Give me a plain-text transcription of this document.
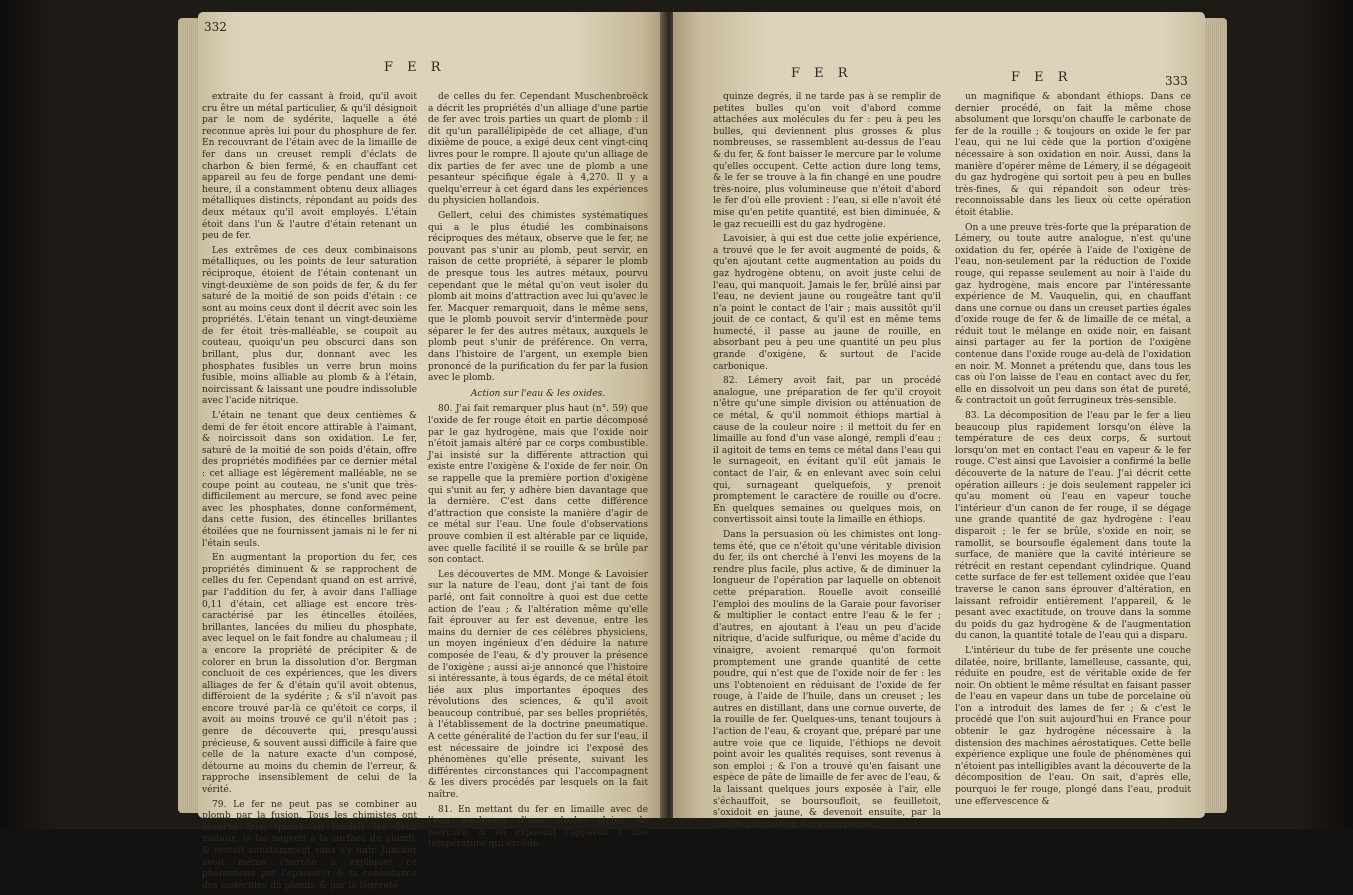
332
F E R

extraite du fer cassant à froid, qu'il avoit cru être un métal particulier, & qu'il désignoit par le nom de sydérite, laquelle a été reconnue après lui pour du phosphure de fer. En recouvrant de l'étain avec de la limaille de fer dans un creuset rempli d'éclats de charbon & bien fermé, & en chauffant cet appareil au feu de forge pendant une demi-heure, il a constamment obtenu deux alliages métalliques distincts, répondant au poids des deux métaux qu'il avoit employés. L'étain étoit dans l'un & l'autre d'étain retenant un peu de fer.

Les extrêmes de ces deux combinaisons métalliques, ou les points de leur saturation réciproque, étoient de l'étain contenant un vingt-deuxième de son poids de fer, & du fer saturé de la moitié de son poids d'étain : ce sont au moins ceux dont il décrit avec soin les propriétés. L'étain tenant un vingt-deuxième de fer étoit très-malléable, se coupoit au couteau, quoiqu'un peu obscurci dans son brillant, plus dur, donnant avec les phosphates fusibles un verre brun moins fusible, moins alliable au plomb & à l'étain, noircissant & laissant une poudre indissoluble avec l'acide nitrique.

L'étain ne tenant que deux centièmes & demi de fer étoit encore attirable à l'aimant, & noircissoit dans son oxidation. Le fer, saturé de la moitié de son poids d'étain, offre des propriétés modifiées par ce dernier métal : cet alliage est légèrement malléable, ne se coupe point au couteau, ne s'unit que très-difficilement au mercure, se fond avec peine avec les phosphates, donne conformément, dans cette fusion, des étincelles brillantes étoilées que ne fournissent jamais ni le fer ni l'étain seuls.

En augmentant la proportion du fer, ces propriétés diminuent & se rapprochent de celles du fer. Cependant quand on est arrivé, par l'addition du fer, à avoir dans l'alliage 0,11 d'étain, cet alliage est encore très-caractérisé par les étincelles étoilées, brillantes, lancées du milieu du phosphate, avec lequel on le fait fondre au chalumeau ; il a encore la propriété de précipiter & de colorer en brun la dissolution d'or. Bergman concluoit de ces expériences, que les divers alliages de fer & d'étain qu'il avoit obtenus, différoient de la sydérite ; & s'il n'avoit pas encore trouvé par-là ce qu'étoit ce corps, il avoit au moins trouvé ce qu'il n'étoit pas ; genre de découverte qui, presqu'aussi précieuse, & souvent aussi difficile à faire que celle de la nature exacte d'un composé, détourne au moins du chemin de l'erreur, & rapproche insensiblement de celui de la vérité.

79. Le fer ne peut pas se combiner au plomb par la fusion. Tous les chimistes ont observé que, quand on fondoit les deux métaux, le fer nageoit à la surface du plomb, & restoit constamment sans s'y unir. Juncker avoit même cherché à expliquer ce phénomène par l'épaisseur & la consistance des molécules du plomb, & par la légèreté

de celles du fer. Cependant Muschenbroëck a décrit les propriétés d'un alliage d'une partie de fer avec trois parties un quart de plomb : il dit qu'un parallélipipède de cet alliage, d'un dixième de pouce, a exigé deux cent vingt-cinq livres pour le rompre. Il ajoute qu'un alliage de dix parties de fer avec une de plomb a une pesanteur spécifique égale à 4,270. Il y a quelqu'erreur à cet égard dans les expériences du physicien hollandois.

Gellert, celui des chimistes systématiques qui a le plus étudié les combinaisons réciproques des métaux, observe que le fer, ne pouvant pas s'unir au plomb, peut servir, en raison de cette propriété, à séparer le plomb de presque tous les autres métaux, pourvu cependant que le métal qu'on veut isoler du plomb ait moins d'attraction avec lui qu'avec le fer. Macquer remarquoit, dans le même sens, que le plomb pouvoit servir d'intermède pour séparer le fer des autres métaux, auxquels le plomb peut s'unir de préférence. On verra, dans l'histoire de l'argent, un exemple bien prononcé de la purification du fer par la fusion avec le plomb.

Action sur l'eau & les oxides.

80. J'ai fait remarquer plus haut (n°. 59) que l'oxide de fer rouge étoit en partie décomposé par le gaz hydrogène, mais que l'oxide noir n'étoit jamais altéré par ce corps combustible. J'ai insisté sur la différente attraction qui existe entre l'oxigène & l'oxide de fer noir. On se rappelle que la première portion d'oxigène qui s'unit au fer, y adhère bien davantage que la dernière. C'est dans cette différence d'attraction que consiste la manière d'agir de ce métal sur l'eau. Une foule d'observations prouve combien il est altérable par ce liquide, avec quelle facilité il se rouille & se brûle par son contact.

Les découvertes de MM. Monge & Lavoisier sur la nature de l'eau, dont j'ai tant de fois parlé, ont fait connoître à quoi est due cette action de l'eau ; & l'altération même qu'elle fait éprouver au fer est devenue, entre les mains du dernier de ces célèbres physiciens, un moyen ingénieux d'en déduire la nature composée de l'eau, & d'y prouver la présence de l'oxigène ; aussi ai-je annoncé que l'histoire si intéressante, à tous égards, de ce métal étoit liée aux plus importantes époques des révolutions des sciences, & qu'il avoit beaucoup contribué, par ses belles propriétés, à l'établissement de la doctrine pneumatique. A cette généralité de l'action du fer sur l'eau, il est nécessaire de joindre ici l'exposé des phénomènes qu'elle présente, suivant les différentes circonstances qui l'accompagnent & les divers procédés par lesquels on la fait naître.

81. En mettant du fer en limaille avec de l'eau au-dessus d'une cloche pleine de mercure, & en exposant l'appareil à une température qui excède

F E R	F E R	333

quinze degrés, il ne tarde pas à se remplir de petites bulles qu'on voit d'abord comme attachées aux molécules du fer : peu à peu les bulles, qui deviennent plus grosses & plus nombreuses, se rassemblent au-dessus de l'eau & du fer, & font baisser le mercure par le volume qu'elles occupent. Cette action dure long tems, & le fer se trouve à la fin changé en une poudre très-noire, plus volumineuse que n'étoit d'abord le fer d'où elle provient : l'eau, si elle n'avoit été mise qu'en petite quantité, est bien diminuée, & le gaz recueilli est du gaz hydrogène.

Lavoisier, à qui est due cette jolie expérience, a trouvé que le fer avoit augmenté de poids, & qu'en ajoutant cette augmentation au poids du gaz hydrogène obtenu, on avoit juste celui de l'eau, qui manquoit. Jamais le fer, brûlé ainsi par l'eau, ne devient jaune ou rougeâtre tant qu'il n'a point le contact de l'air ; mais aussitôt qu'il jouit de ce contact, & qu'il est en même tems humecté, il passe au jaune de rouille, en absorbant peu à peu une quantité un peu plus grande d'oxigène, & surtout de l'acide carbonique.

82. Lémery avoit fait, par un procédé analogue, une préparation de fer qu'il croyoit n'être qu'une simple division ou atténuation de ce métal, & qu'il nommoit éthiops martial à cause de la couleur noire : il mettoit du fer en limaille au fond d'un vase alongé, rempli d'eau ; il agitoit de tems en tems ce métal dans l'eau qui le surnageoit, en évitant qu'il eût jamais le contact de l'air, & en enlevant avec soin celui qui, surnageant quelquefois, y prenoit promptement le caractère de rouille ou d'ocre. En quelques semaines ou quelques mois, on convertissoit ainsi toute la limaille en éthiops.

Dans la persuasion où les chimistes ont long-tems été, que ce n'étoit qu'une véritable division du fer, ils ont cherché à l'envi les moyens de la rendre plus facile, plus active, & de diminuer la longueur de l'opération par laquelle on obtenoit cette préparation. Rouelle avoit conseillé l'emploi des moulins de la Garaie pour favoriser & multiplier le contact entre l'eau & le fer ; d'autres, en ajoutant à l'eau un peu d'acide nitrique, d'acide sulfurique, ou même d'acide du vinaigre, avoient remarqué qu'on formoit promptement une grande quantité de cette poudre, qui n'est que de l'oxide noir de fer : les uns l'obtenoient en réduisant de l'oxide de fer rouge, à l'aide de l'huile, dans un creuset ; les autres en distillant, dans une cornue ouverte, de la rouille de fer. Quelques-uns, tenant toujours à l'action de l'eau, & croyant que, préparé par une autre voie que ce liquide, l'éthiops ne devoit point avoir les qualités requises, sont revenus à son emploi ; & l'on a trouvé qu'en faisant une espèce de pâte de limaille de fer avec de l'eau, & la laissant quelques jours exposée à l'air, elle s'échauffoit, se boursoufloit, se feuilletoit, s'oxidoit en jaune, & devenoit ensuite, par la simple calcination dans un creuset,

un magnifique & abondant éthiops. Dans ce dernier procédé, on fait la même chose absolument que lorsqu'on chauffe le carbonate de fer de la rouille ; & toujours on oxide le fer par l'eau, qui ne lui cède que la portion d'oxigène nécessaire à son oxidation en noir. Aussi, dans la manière d'opérer même de Lémery, il se dégageoit du gaz hydrogène qui sortoit peu à peu en bulles très-fines, & qui répandoit son odeur très-reconnoissable dans les lieux où cette opération étoit établie.

On a une preuve très-forte que la préparation de Lémery, ou toute autre analogue, n'est qu'une oxidation du fer, opérée à l'aide de l'oxigène de l'eau, non-seulement par la réduction de l'oxide rouge, qui repasse seulement au noir à l'aide du gaz hydrogène, mais encore par l'intéressante expérience de M. Vauquelin, qui, en chauffant dans une cornue ou dans un creuset parties égales d'oxide rouge de fer & de limaille de ce métal, a réduit tout le mélange en oxide noir, en faisant ainsi partager au fer la portion de l'oxigène contenue dans l'oxide rouge au-delà de l'oxidation en noir. M. Monnet a prétendu que, dans tous les cas où l'on laisse de l'eau en contact avec du fer, elle en dissolvoit un peu dans son état de pureté, & contractoit un goût ferrugineux très-sensible.

83. La décomposition de l'eau par le fer a lieu beaucoup plus rapidement lorsqu'on élève la température de ces deux corps, & surtout lorsqu'on met en contact l'eau en vapeur & le fer rouge. C'est ainsi que Lavoisier a confirmé la belle découverte de la nature de l'eau. J'ai décrit cette opération ailleurs : je dois seulement rappeler ici qu'au moment où l'eau en vapeur touche l'intérieur d'un canon de fer rouge, il se dégage une grande quantité de gaz hydrogène : l'eau disparoit ; le fer se brûle, s'oxide en noir, se ramollit, se boursoufle également dans toute la surface, de manière que la cavité intérieure se rétrécit en restant cependant cylindrique. Quand cette surface de fer est tellement oxidée que l'eau traverse le canon sans éprouver d'altération, en laissant refroidir entièrement l'appareil, & le pesant avec exactitude, on trouve dans la somme du poids du gaz hydrogène & de l'augmentation du canon, la quantité totale de l'eau qui a disparu.

L'intérieur du tube de fer présente une couche dilatée, noire, brillante, lamelleuse, cassante, qui, réduite en poudre, est de véritable oxide de fer noir. On obtient le même résultat en faisant passer de l'eau en vapeur dans un tube de porcelaine où l'on a introduit des lames de fer ; & c'est le procédé que l'on suit aujourd'hui en France pour obtenir le gaz hydrogène nécessaire à la distension des machines aérostatiques. Cette belle expérience explique une foule de phénomènes qui n'étoient pas intelligibles avant la découverte de la décomposition de l'eau. On sait, d'après elle, pourquoi le fer rouge, plongé dans l'eau, produit une effervescence &
